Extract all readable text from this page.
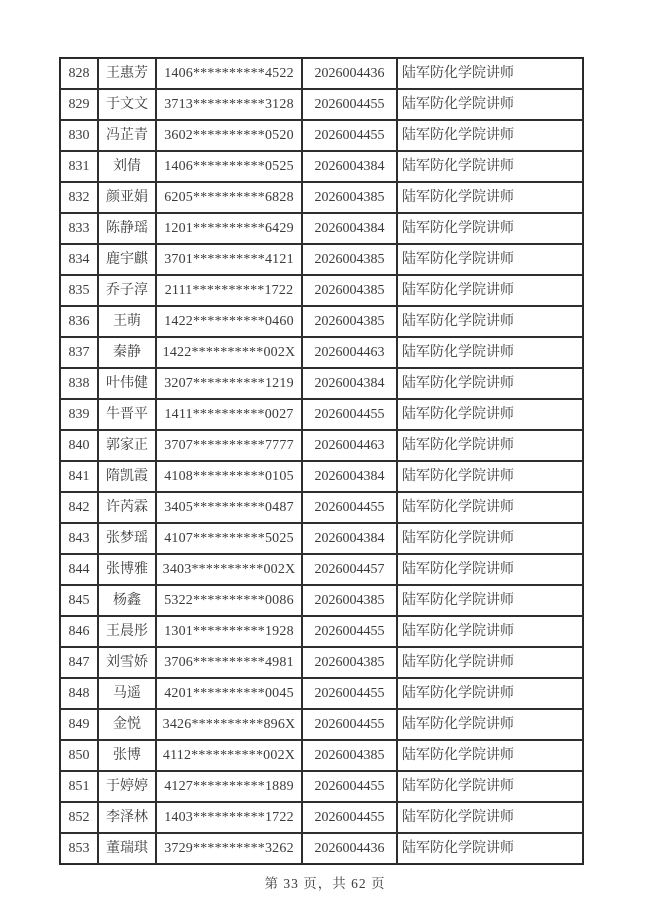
828	王惠芳	1406**********4522	2026004436	陆军防化学院讲师
829	于文文	3713**********3128	2026004455	陆军防化学院讲师
830	冯芷青	3602**********0520	2026004455	陆军防化学院讲师
831	刘倩	1406**********0525	2026004384	陆军防化学院讲师
832	颜亚娟	6205**********6828	2026004385	陆军防化学院讲师
833	陈静瑶	1201**********6429	2026004384	陆军防化学院讲师
834	鹿宇麒	3701**********4121	2026004385	陆军防化学院讲师
835	乔子淳	2111**********1722	2026004385	陆军防化学院讲师
836	王萌	1422**********0460	2026004385	陆军防化学院讲师
837	秦静	1422**********002X	2026004463	陆军防化学院讲师
838	叶伟健	3207**********1219	2026004384	陆军防化学院讲师
839	牛晋平	1411**********0027	2026004455	陆军防化学院讲师
840	郭家正	3707**********7777	2026004463	陆军防化学院讲师
841	隋凯霞	4108**********0105	2026004384	陆军防化学院讲师
842	许芮霖	3405**********0487	2026004455	陆军防化学院讲师
843	张梦瑶	4107**********5025	2026004384	陆军防化学院讲师
844	张博雅	3403**********002X	2026004457	陆军防化学院讲师
845	杨鑫	5322**********0086	2026004385	陆军防化学院讲师
846	王晨彤	1301**********1928	2026004455	陆军防化学院讲师
847	刘雪娇	3706**********4981	2026004385	陆军防化学院讲师
848	马遥	4201**********0045	2026004455	陆军防化学院讲师
849	金悦	3426**********896X	2026004455	陆军防化学院讲师
850	张博	4112**********002X	2026004385	陆军防化学院讲师
851	于婷婷	4127**********1889	2026004455	陆军防化学院讲师
852	李泽林	1403**********1722	2026004455	陆军防化学院讲师
853	董瑞琪	3729**********3262	2026004436	陆军防化学院讲师
第 33 页，共 62 页
